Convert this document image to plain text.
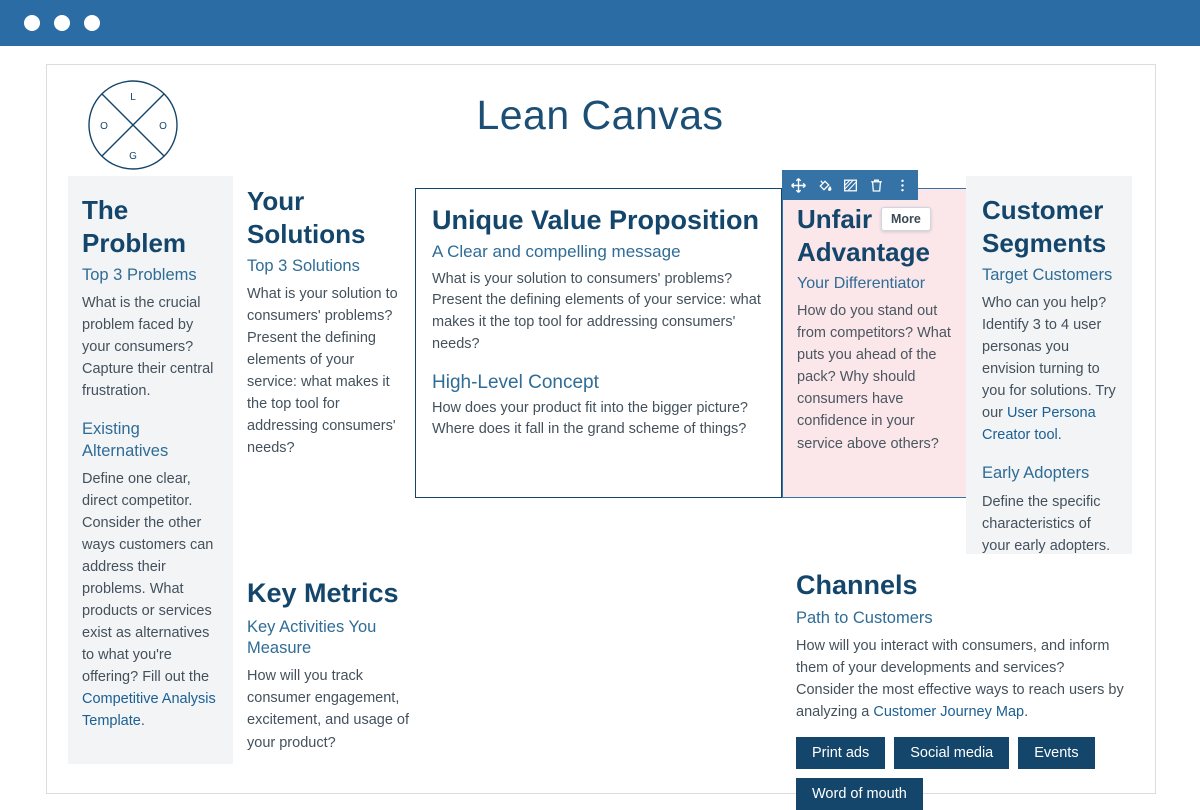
L
O
G
O	Lean Canvas
The Problem
Top 3 Problems

What is the crucial problem faced by your consumers? Capture their central frustration.

Existing Alternatives

Define one clear, direct competitor. Consider the other ways customers can address their problems. What products or services exist as alternatives to what you're offering? Fill out the Competitive Analysis Template.

Your Solutions
Top 3 Solutions

What is your solution to consumers' problems? Present the defining elements of your service: what makes it the top tool for addressing consumers' needs?

Unique Value Proposition
A Clear and compelling message

What is your solution to consumers' problems? Present the defining elements of your service: what makes it the top tool for addressing consumers' needs?

High-Level Concept

How does your product fit into the bigger picture? Where does it fall in the grand scheme of things?

Unfair Advantage
Your Differentiator

How do you stand out from competitors? What puts you ahead of the pack? Why should consumers have confidence in your service above others?

More	Customer Segments
Target Customers

Who can you help? Identify 3 to 4 user personas you envision turning to you for solutions. Try our User Persona Creator tool.

Early Adopters

Define the specific characteristics of your early adopters.

Key Metrics
Key Activities You Measure

How will you track consumer engagement, excitement, and usage of your product?

Channels
Path to Customers

How will you interact with consumers, and inform them of your developments and services? Consider the most effective ways to reach users by analyzing a Customer Journey Map.

Print ads	Social media	Events
Word of mouth
